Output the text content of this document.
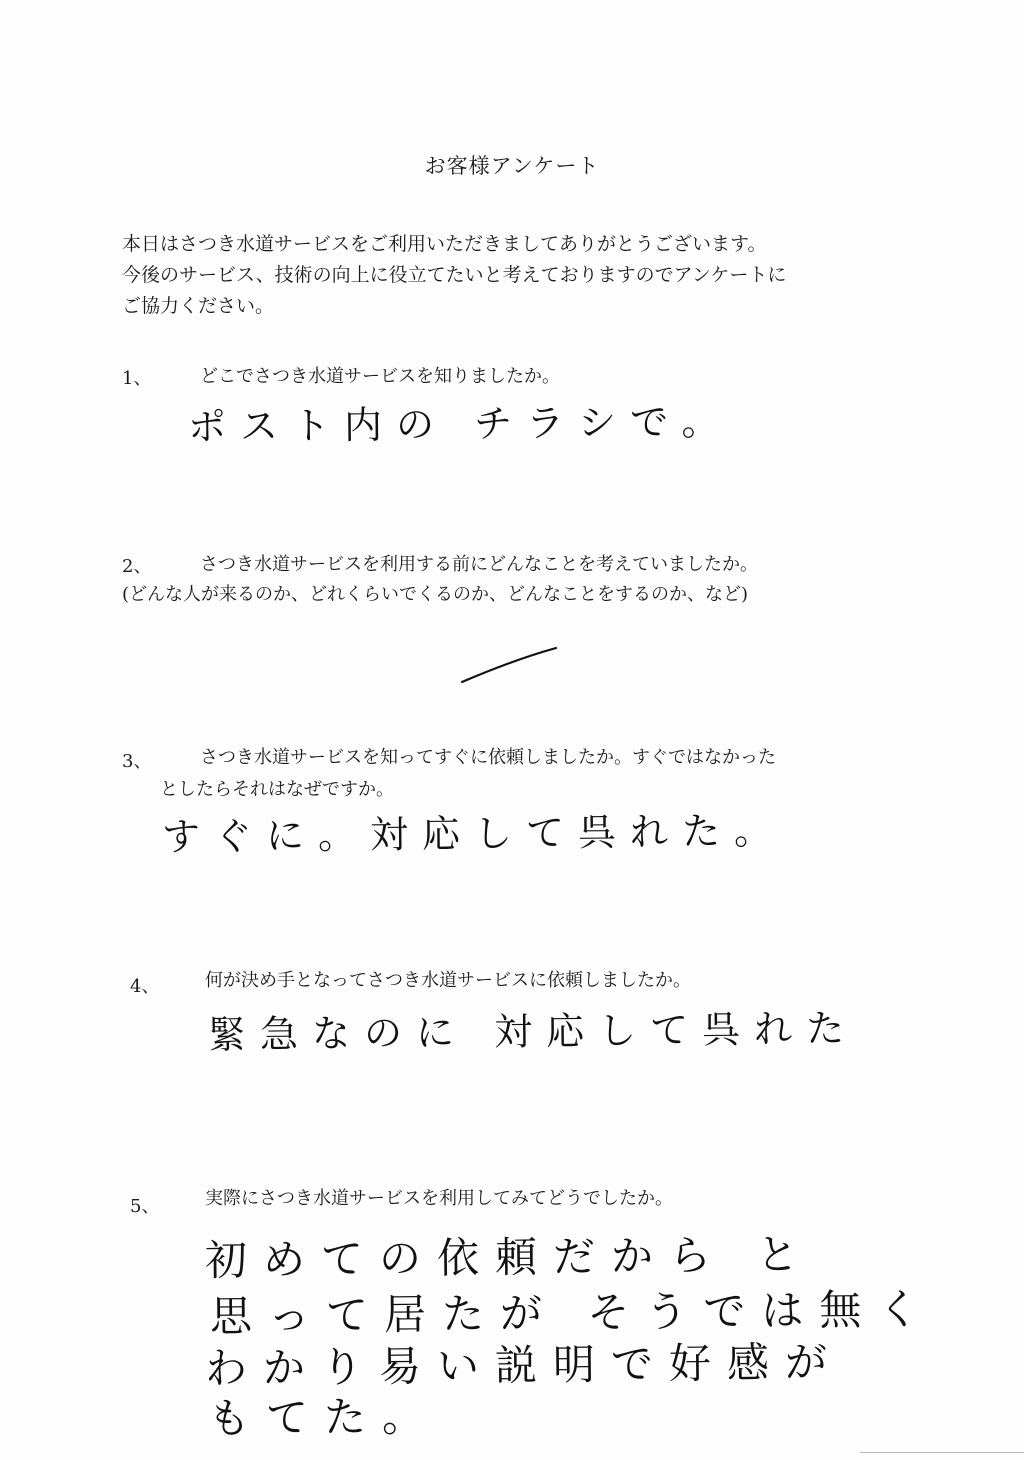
お客様アンケート
本日はさつき水道サービスをご利用いただきましてありがとうございます。
今後のサービス、技術の向上に役立てたいと考えておりますのでアンケートに
ご協力ください。
1、	どこでさつき水道サービスを知りましたか。
ポスト内の チラシで。
2、	さつき水道サービスを利用する前にどんなことを考えていましたか。
(どんな人が来るのか、どれくらいでくるのか、どんなことをするのか、など)
3、	さつき水道サービスを知ってすぐに依頼しましたか。すぐではなかった
としたらそれはなぜですか。
すぐに。対応して呉れた。
4、	何が決め手となってさつき水道サービスに依頼しましたか。
緊急なのに 対応して呉れた
5、	実際にさつき水道サービスを利用してみてどうでしたか。
初めての依頼だから と
思って居たが そうでは無く
わかり易い説明で好感が
もてた。
